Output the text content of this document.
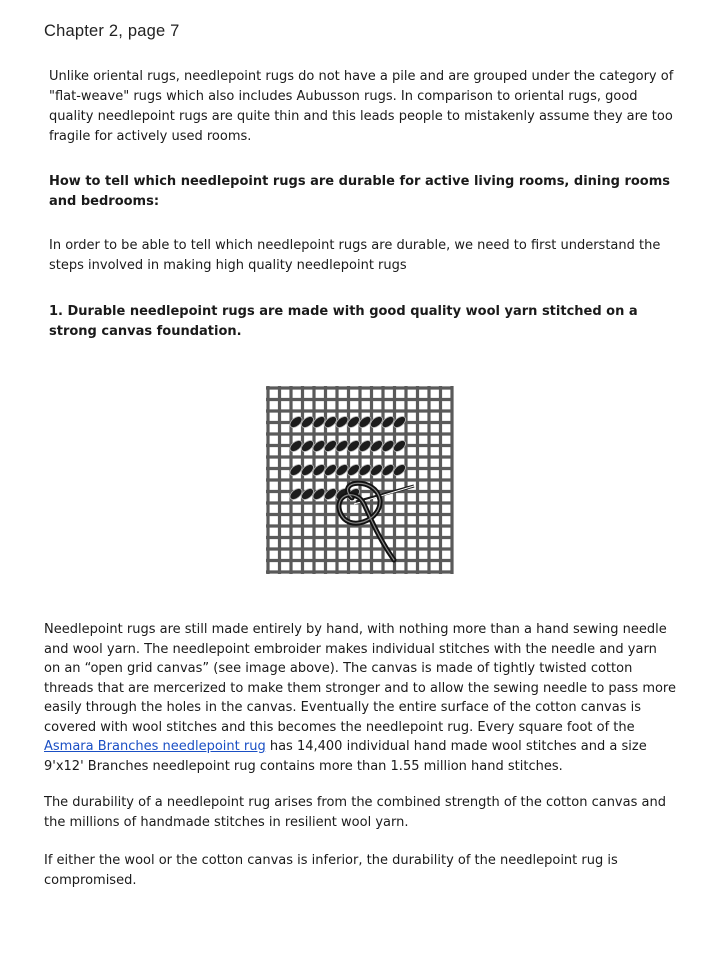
Chapter 2, page 7

Unlike oriental rugs, needlepoint rugs do not have a pile and are grouped under the category of "flat-weave" rugs which also includes Aubusson rugs. In comparison to oriental rugs, good quality needlepoint rugs are quite thin and this leads people to mistakenly assume they are too fragile for actively used rooms.

How to tell which needlepoint rugs are durable for active living rooms, dining rooms and bedrooms:

In order to be able to tell which needlepoint rugs are durable, we need to first understand the steps involved in making high quality needlepoint rugs

1. Durable needlepoint rugs are made with good quality wool yarn stitched on a strong canvas foundation.

Needlepoint rugs are still made entirely by hand, with nothing more than a hand sewing needle and wool yarn. The needlepoint embroider makes individual stitches with the needle and yarn on an “open grid canvas” (see image above). The canvas is made of tightly twisted cotton threads that are mercerized to make them stronger and to allow the sewing needle to pass more easily through the holes in the canvas. Eventually the entire surface of the cotton canvas is covered with wool stitches and this becomes the needlepoint rug. Every square foot of the Asmara Branches needlepoint rug has 14,400 individual hand made wool stitches and a size 9'x12' Branches needlepoint rug contains more than 1.55 million hand stitches.

The durability of a needlepoint rug arises from the combined strength of the cotton canvas and the millions of handmade stitches in resilient wool yarn.

If either the wool or the cotton canvas is inferior, the durability of the needlepoint rug is compromised.
